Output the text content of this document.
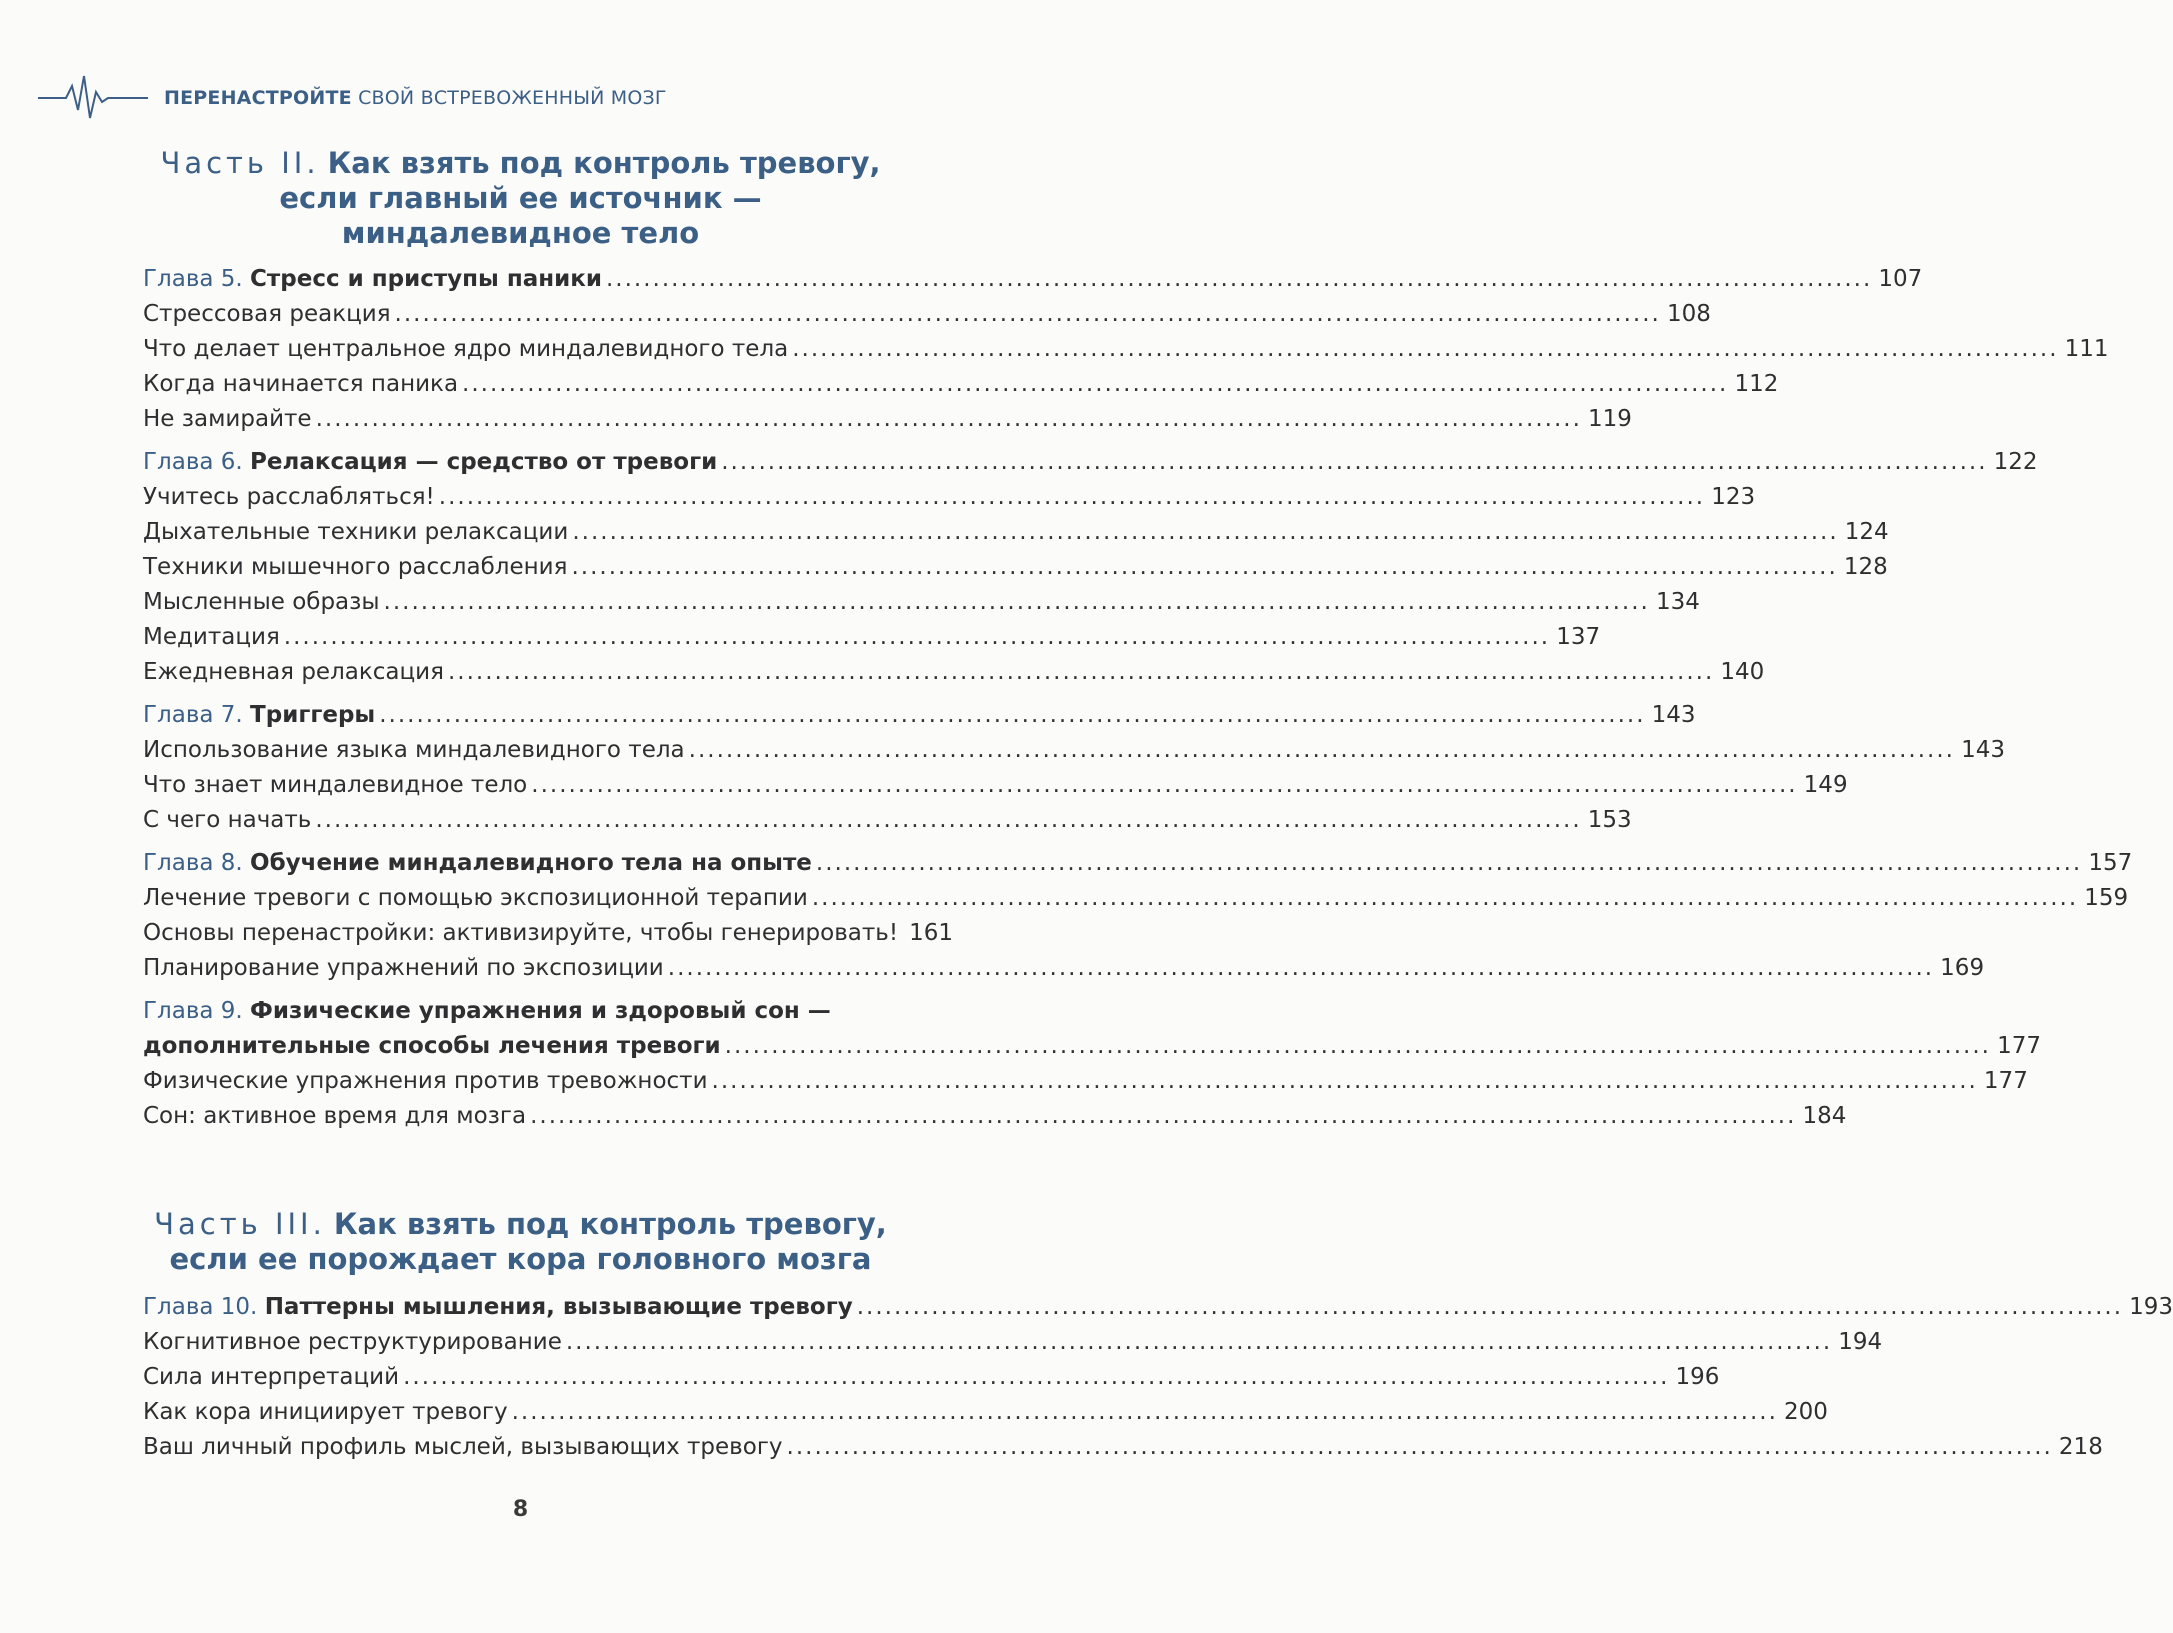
ПЕРЕНАСТРОЙТЕ СВОЙ ВСТРЕВОЖЕННЫЙ МОЗГ
Часть II. Как взять под контроль тревогу,
если главный ее источник —
миндалевидное тело
Глава 5. Стресс и приступы паники ........................................................................................................................................ 107
Стрессовая реакция ........................................................................................................................................ 108
Что делает центральное ядро миндалевидного тела ........................................................................................................................................ 111
Когда начинается паника ........................................................................................................................................ 112
Не замирайте ........................................................................................................................................ 119
Глава 6. Релаксация — средство от тревоги ........................................................................................................................................ 122
Учитесь расслабляться! ........................................................................................................................................ 123
Дыхательные техники релаксации ........................................................................................................................................ 124
Техники мышечного расслабления ........................................................................................................................................ 128
Мысленные образы ........................................................................................................................................ 134
Медитация ........................................................................................................................................ 137
Ежедневная релаксация ........................................................................................................................................ 140
Глава 7. Триггеры ........................................................................................................................................ 143
Использование языка миндалевидного тела ........................................................................................................................................ 143
Что знает миндалевидное тело ........................................................................................................................................ 149
С чего начать ........................................................................................................................................ 153
Глава 8. Обучение миндалевидного тела на опыте ........................................................................................................................................ 157
Лечение тревоги с помощью экспозиционной терапии ........................................................................................................................................ 159
Основы перенастройки: активизируйте, чтобы генерировать! 161
Планирование упражнений по экспозиции ........................................................................................................................................ 169
Глава 9. Физические упражнения и здоровый сон —
дополнительные способы лечения тревоги ........................................................................................................................................ 177
Физические упражнения против тревожности ........................................................................................................................................ 177
Сон: активное время для мозга ........................................................................................................................................ 184
Часть III. Как взять под контроль тревогу,
если ее порождает кора головного мозга
Глава 10. Паттерны мышления, вызывающие тревогу ........................................................................................................................................ 193
Когнитивное реструктурирование ........................................................................................................................................ 194
Сила интерпретаций ........................................................................................................................................ 196
Как кора инициирует тревогу ........................................................................................................................................ 200
Ваш личный профиль мыслей, вызывающих тревогу ........................................................................................................................................ 218
8
